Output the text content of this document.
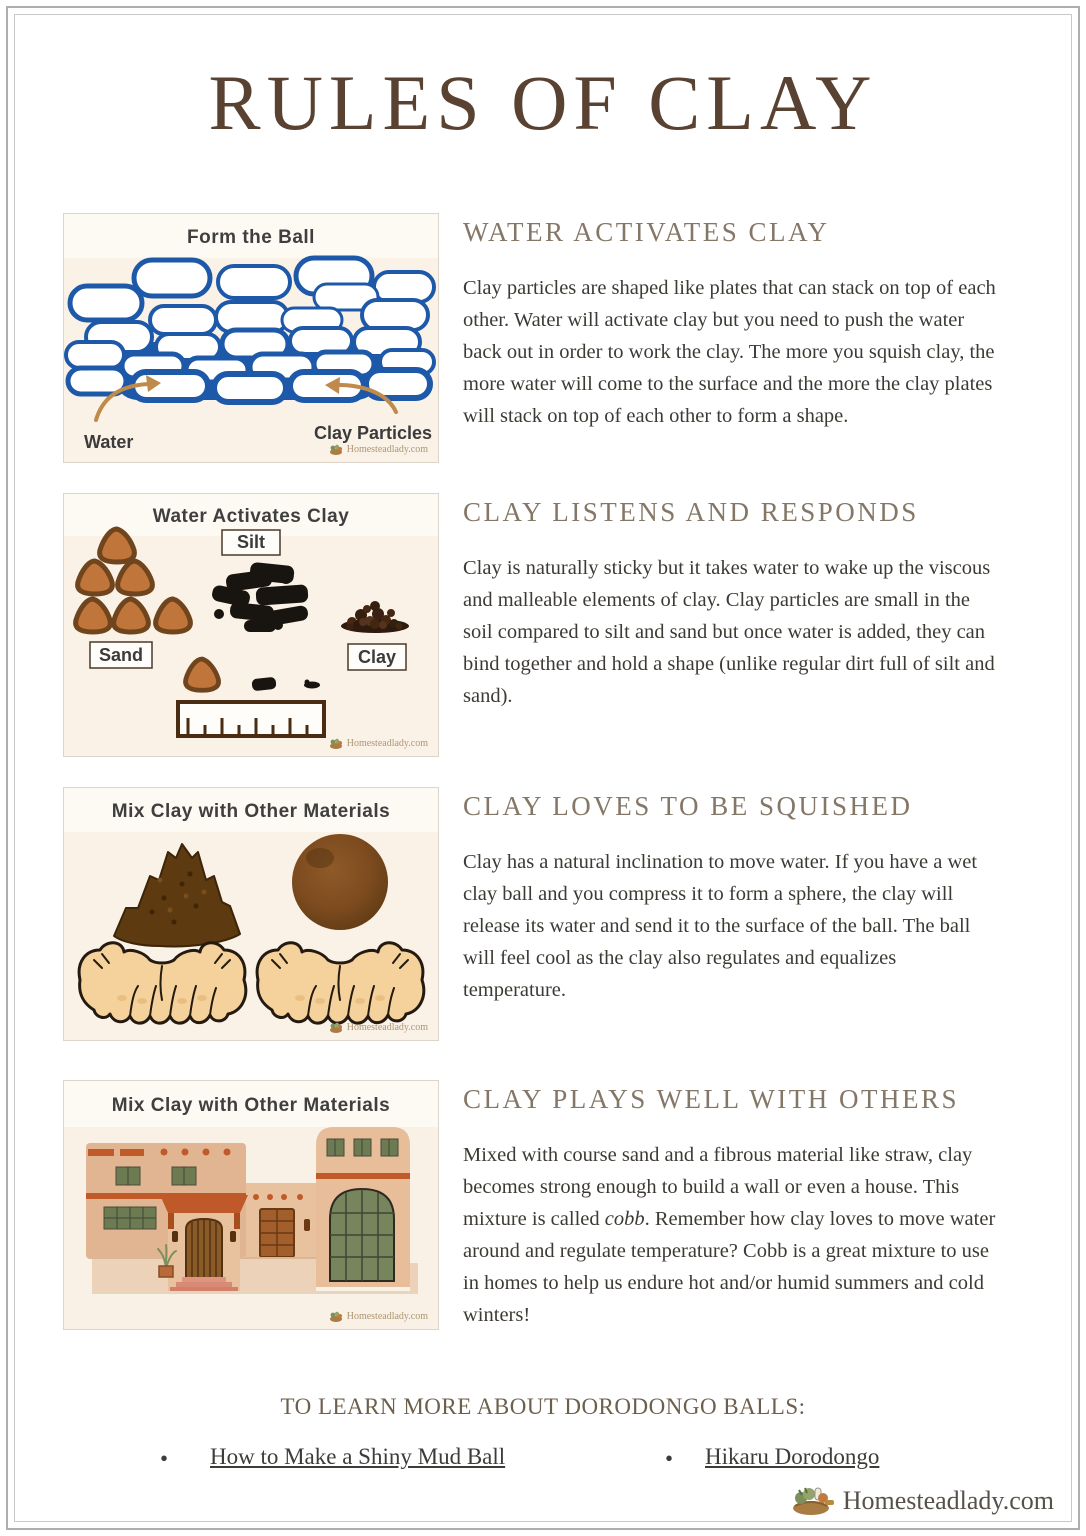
RULES OF CLAY
Form the Ball
Water	Clay Particles
Homesteadlady.com
WATER ACTIVATES CLAY

Clay particles are shaped like plates that can stack on top of each other. Water will activate clay but you need to push the water back out in order to work the clay. The more you squish clay, the more water will come to the surface and the more the clay plates will stack on top of each other to form a shape.

Water Activates Clay
Silt
Sand	Clay
Homesteadlady.com
CLAY LISTENS AND RESPONDS

Clay is naturally sticky but it takes water to wake up the viscous and malleable elements of clay. Clay particles are small in the soil compared to silt and sand but once water is added, they can bind together and hold a shape (unlike regular dirt full of silt and sand).

Mix Clay with Other Materials
Homesteadlady.com
CLAY LOVES TO BE SQUISHED

Clay has a natural inclination to move water. If you have a wet clay ball and you compress it to form a sphere, the clay will release its water and send it to the surface of the ball. The ball will feel cool as the clay also regulates and equalizes temperature.

Mix Clay with Other Materials
Homesteadlady.com
CLAY PLAYS WELL WITH OTHERS

Mixed with course sand and a fibrous material like straw, clay becomes strong enough to build a wall or even a house. This mixture is called cobb. Remember how clay loves to move water around and regulate temperature? Cobb is a great mixture to use in homes to help us endure hot and/or humid summers and cold winters!

TO LEARN MORE ABOUT DORODONGO BALLS:
• How to Make a Shiny Mud Ball	• Hikaru Dorodongo
Homesteadlady.com
